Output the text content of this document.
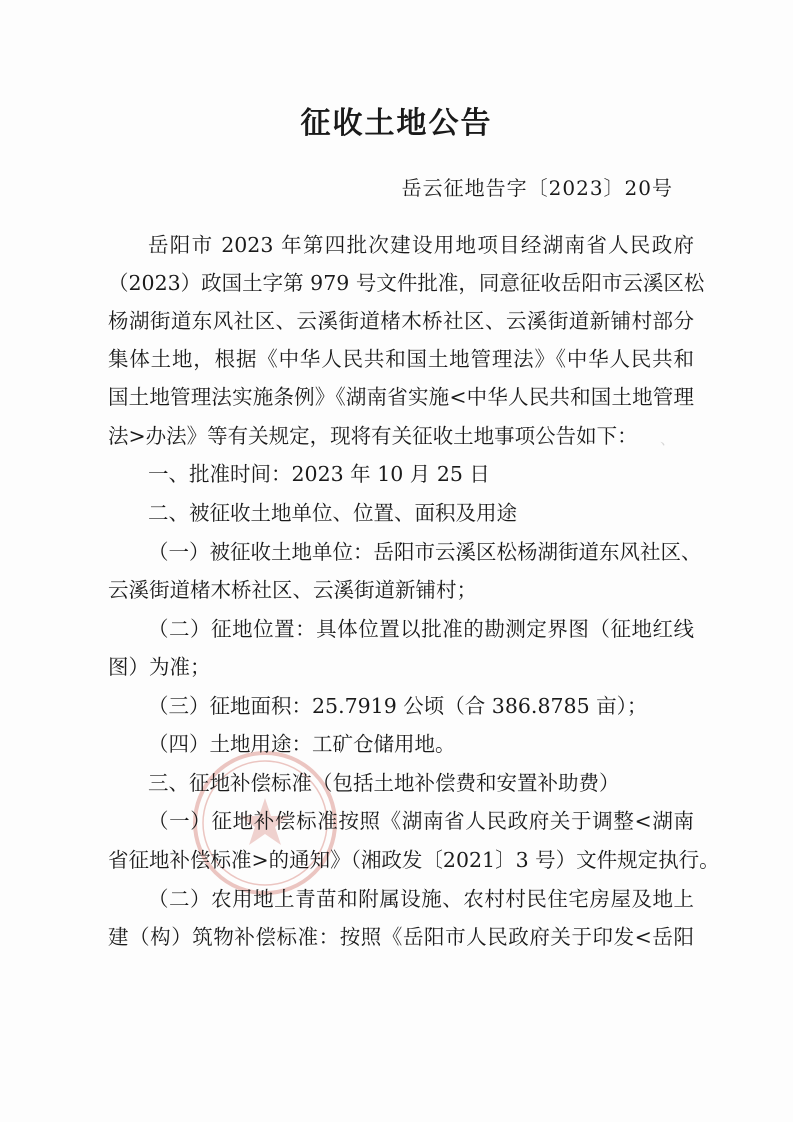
、
征收土地公告
岳云征地告字〔2023〕20号
岳阳市 2023 年第四批次建设用地项目经湖南省人民政府
（2023）政国土字第 979 号文件批准，同意征收岳阳市云溪区松
杨湖街道东风社区、云溪街道楮木桥社区、云溪街道新铺村部分
集体土地，根据《中华人民共和国土地管理法》《中华人民共和
国土地管理法实施条例》《湖南省实施<中华人民共和国土地管理
法>办法》等有关规定，现将有关征收土地事项公告如下：
一、批准时间：2023 年 10 月 25 日
二、被征收土地单位、位置、面积及用途
（一）被征收土地单位：岳阳市云溪区松杨湖街道东风社区、
云溪街道楮木桥社区、云溪街道新铺村；
（二）征地位置：具体位置以批准的勘测定界图（征地红线
图）为准；
（三）征地面积：25.7919 公顷（合 386.8785 亩）；
（四）土地用途：工矿仓储用地。
三、征地补偿标准（包括土地补偿费和安置补助费）
（一）征地补偿标准按照《湖南省人民政府关于调整<湖南
省征地补偿标准>的通知》（湘政发〔2021〕3 号）文件规定执行。
（二）农用地上青苗和附属设施、农村村民住宅房屋及地上
建（构）筑物补偿标准：按照《岳阳市人民政府关于印发<岳阳
